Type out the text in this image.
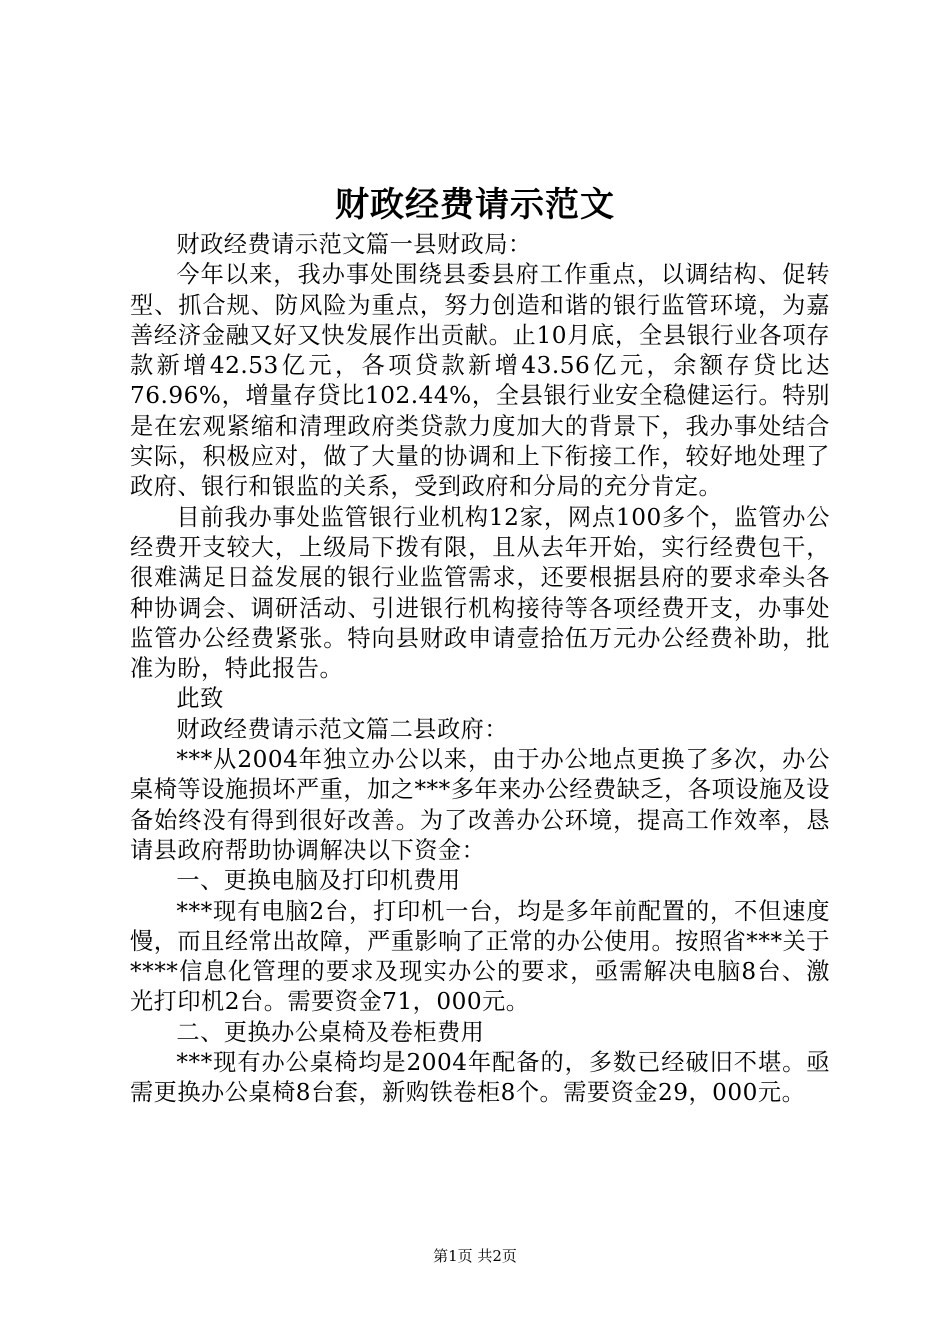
财政经费请示范文

财政经费请示范文篇一县财政局：

今年以来，我办事处围绕县委县府工作重点，以调结构、促转型、抓合规、防风险为重点，努力创造和谐的银行监管环境，为嘉善经济金融又好又快发展作出贡献。止10月底，全县银行业各项存款新增42.53亿元，各项贷款新增43.56亿元，余额存贷比达76.96%，增量存贷比102.44%，全县银行业安全稳健运行。特别是在宏观紧缩和清理政府类贷款力度加大的背景下，我办事处结合实际，积极应对，做了大量的协调和上下衔接工作，较好地处理了政府、银行和银监的关系，受到政府和分局的充分肯定。

目前我办事处监管银行业机构12家，网点100多个，监管办公经费开支较大，上级局下拨有限，且从去年开始，实行经费包干，很难满足日益发展的银行业监管需求，还要根据县府的要求牵头各种协调会、调研活动、引进银行机构接待等各项经费开支，办事处监管办公经费紧张。特向县财政申请壹拾伍万元办公经费补助，批准为盼，特此报告。

此致

财政经费请示范文篇二县政府：

***从2004年独立办公以来，由于办公地点更换了多次，办公桌椅等设施损坏严重，加之***多年来办公经费缺乏，各项设施及设备始终没有得到很好改善。为了改善办公环境，提高工作效率，恳请县政府帮助协调解决以下资金：

一、更换电脑及打印机费用

***现有电脑2台，打印机一台，均是多年前配置的，不但速度慢，而且经常出故障，严重影响了正常的办公使用。按照省***关于****信息化管理的要求及现实办公的要求，亟需解决电脑8台、激光打印机2台。需要资金71，000元。

二、更换办公桌椅及卷柜费用

***现有办公桌椅均是2004年配备的，多数已经破旧不堪。亟需更换办公桌椅8台套，新购铁卷柜8个。需要资金29，000元。

第1页 共2页
